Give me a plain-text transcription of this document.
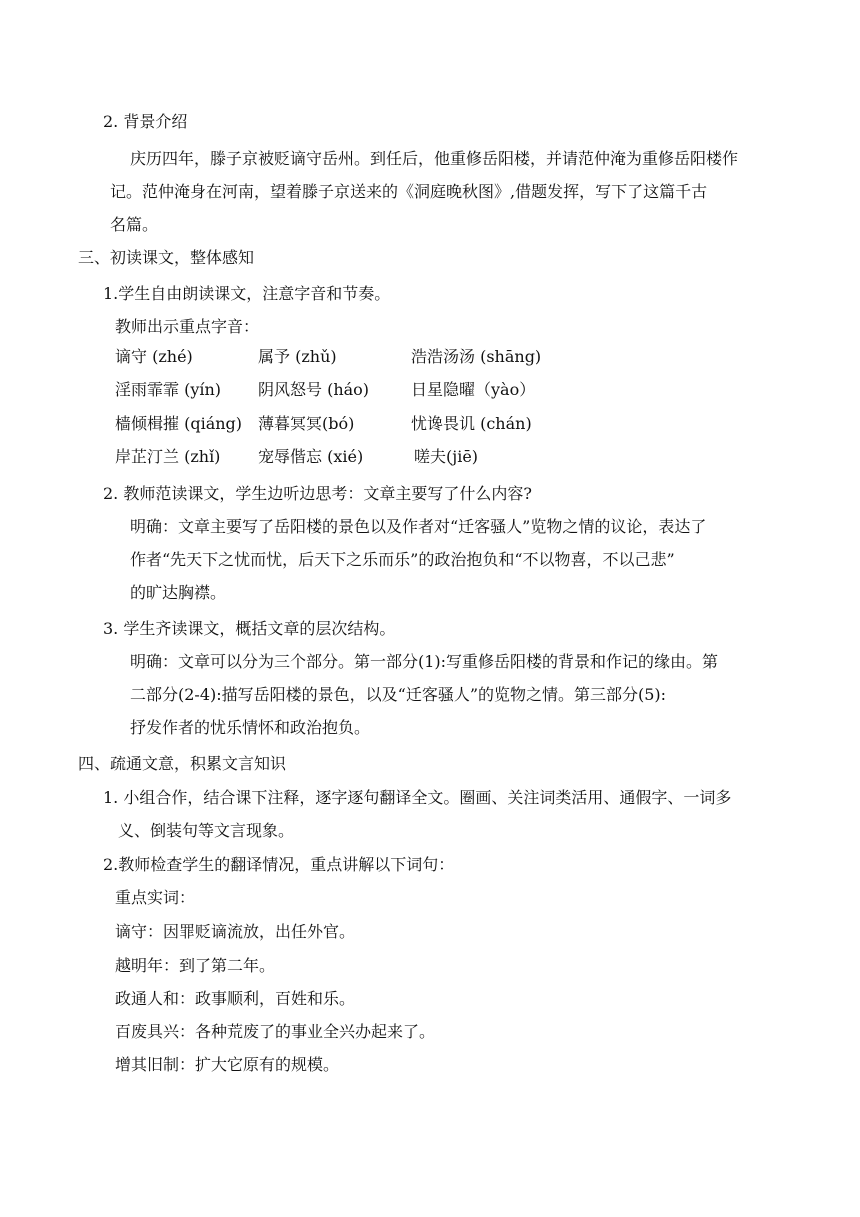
2. 背景介绍
庆历四年，滕子京被贬谪守岳州。到任后，他重修岳阳楼，并请范仲淹为重修岳阳楼作
记。范仲淹身在河南，望着滕子京送来的《洞庭晚秋图》,借题发挥，写下了这篇千古
名篇。
三、初读课文，整体感知
1.学生自由朗读课文，注意字音和节奏。
教师出示重点字音：
谪守 (zhé)	属予 (zhǔ)	浩浩汤汤 (shāng)
淫雨霏霏 (yín) 阴风怒号 (háo)	日星隐曜（yào）
樯倾楫摧 (qiáng) 薄暮冥冥(bó)	忧谗畏讥 (chán)
岸芷汀兰 (zhǐ) 宠辱偕忘 (xié)	嗟夫(jiē)
2. 教师范读课文，学生边听边思考：文章主要写了什么内容?
明确：文章主要写了岳阳楼的景色以及作者对“迁客骚人”览物之情的议论，表达了
作者“先天下之忧而忧，后天下之乐而乐”的政治抱负和“不以物喜，不以己悲”
的旷达胸襟。
3. 学生齐读课文，概括文章的层次结构。
明确：文章可以分为三个部分。第一部分(1):写重修岳阳楼的背景和作记的缘由。第
二部分(2-4):描写岳阳楼的景色，以及“迁客骚人”的览物之情。第三部分(5):
抒发作者的忧乐情怀和政治抱负。
四、疏通文意，积累文言知识
1. 小组合作，结合课下注释，逐字逐句翻译全文。圈画、关注词类活用、通假字、一词多
义、倒装句等文言现象。
2.教师检查学生的翻译情况，重点讲解以下词句：
重点实词：
谪守：因罪贬谪流放，出任外官。
越明年：到了第二年。
政通人和：政事顺利，百姓和乐。
百废具兴：各种荒废了的事业全兴办起来了。
增其旧制：扩大它原有的规模。
